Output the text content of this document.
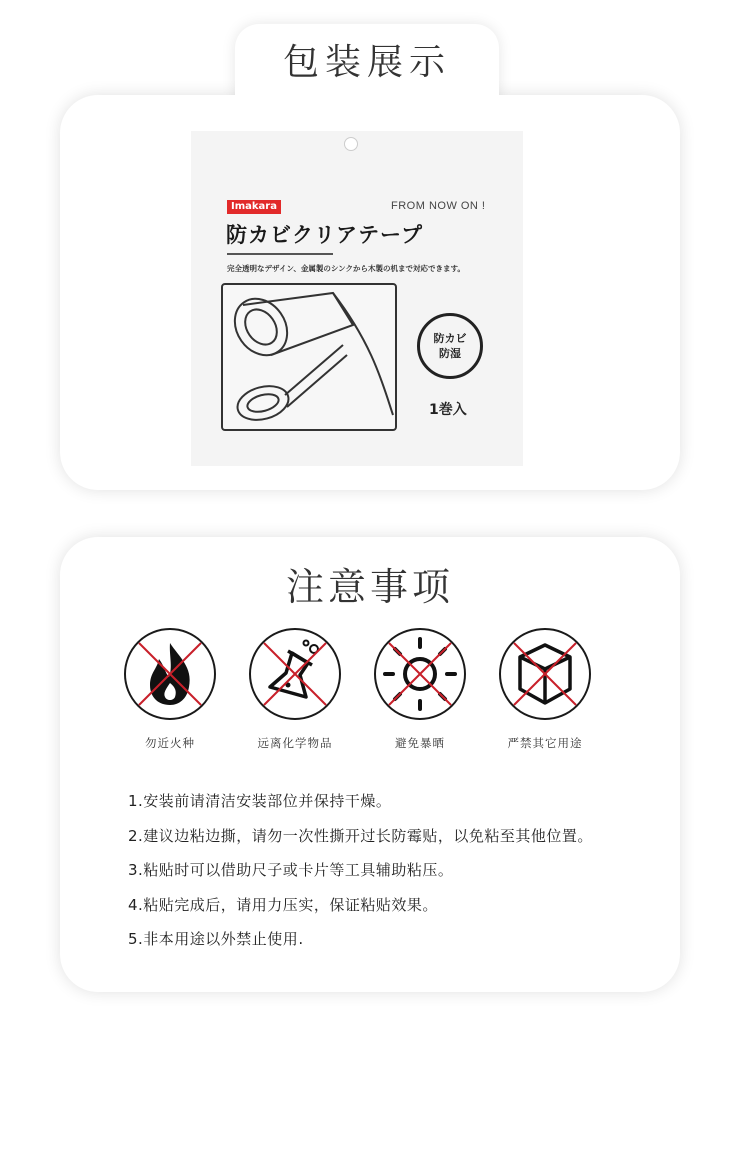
包装展示
Imakara	FROM NOW ON !
防カビクリアテープ
完全透明なデザイン、金属製のシンクから木製の机まで対応できます。
防カビ
防湿
1巻入
注意事项
勿近火种	远离化学物品	避免暴晒	严禁其它用途
1.安装前请清洁安装部位并保持干燥。
2.建议边粘边撕，请勿一次性撕开过长防霉贴，以免粘至其他位置。
3.粘贴时可以借助尺子或卡片等工具辅助粘压。
4.粘贴完成后，请用力压实，保证粘贴效果。
5.非本用途以外禁止使用.
